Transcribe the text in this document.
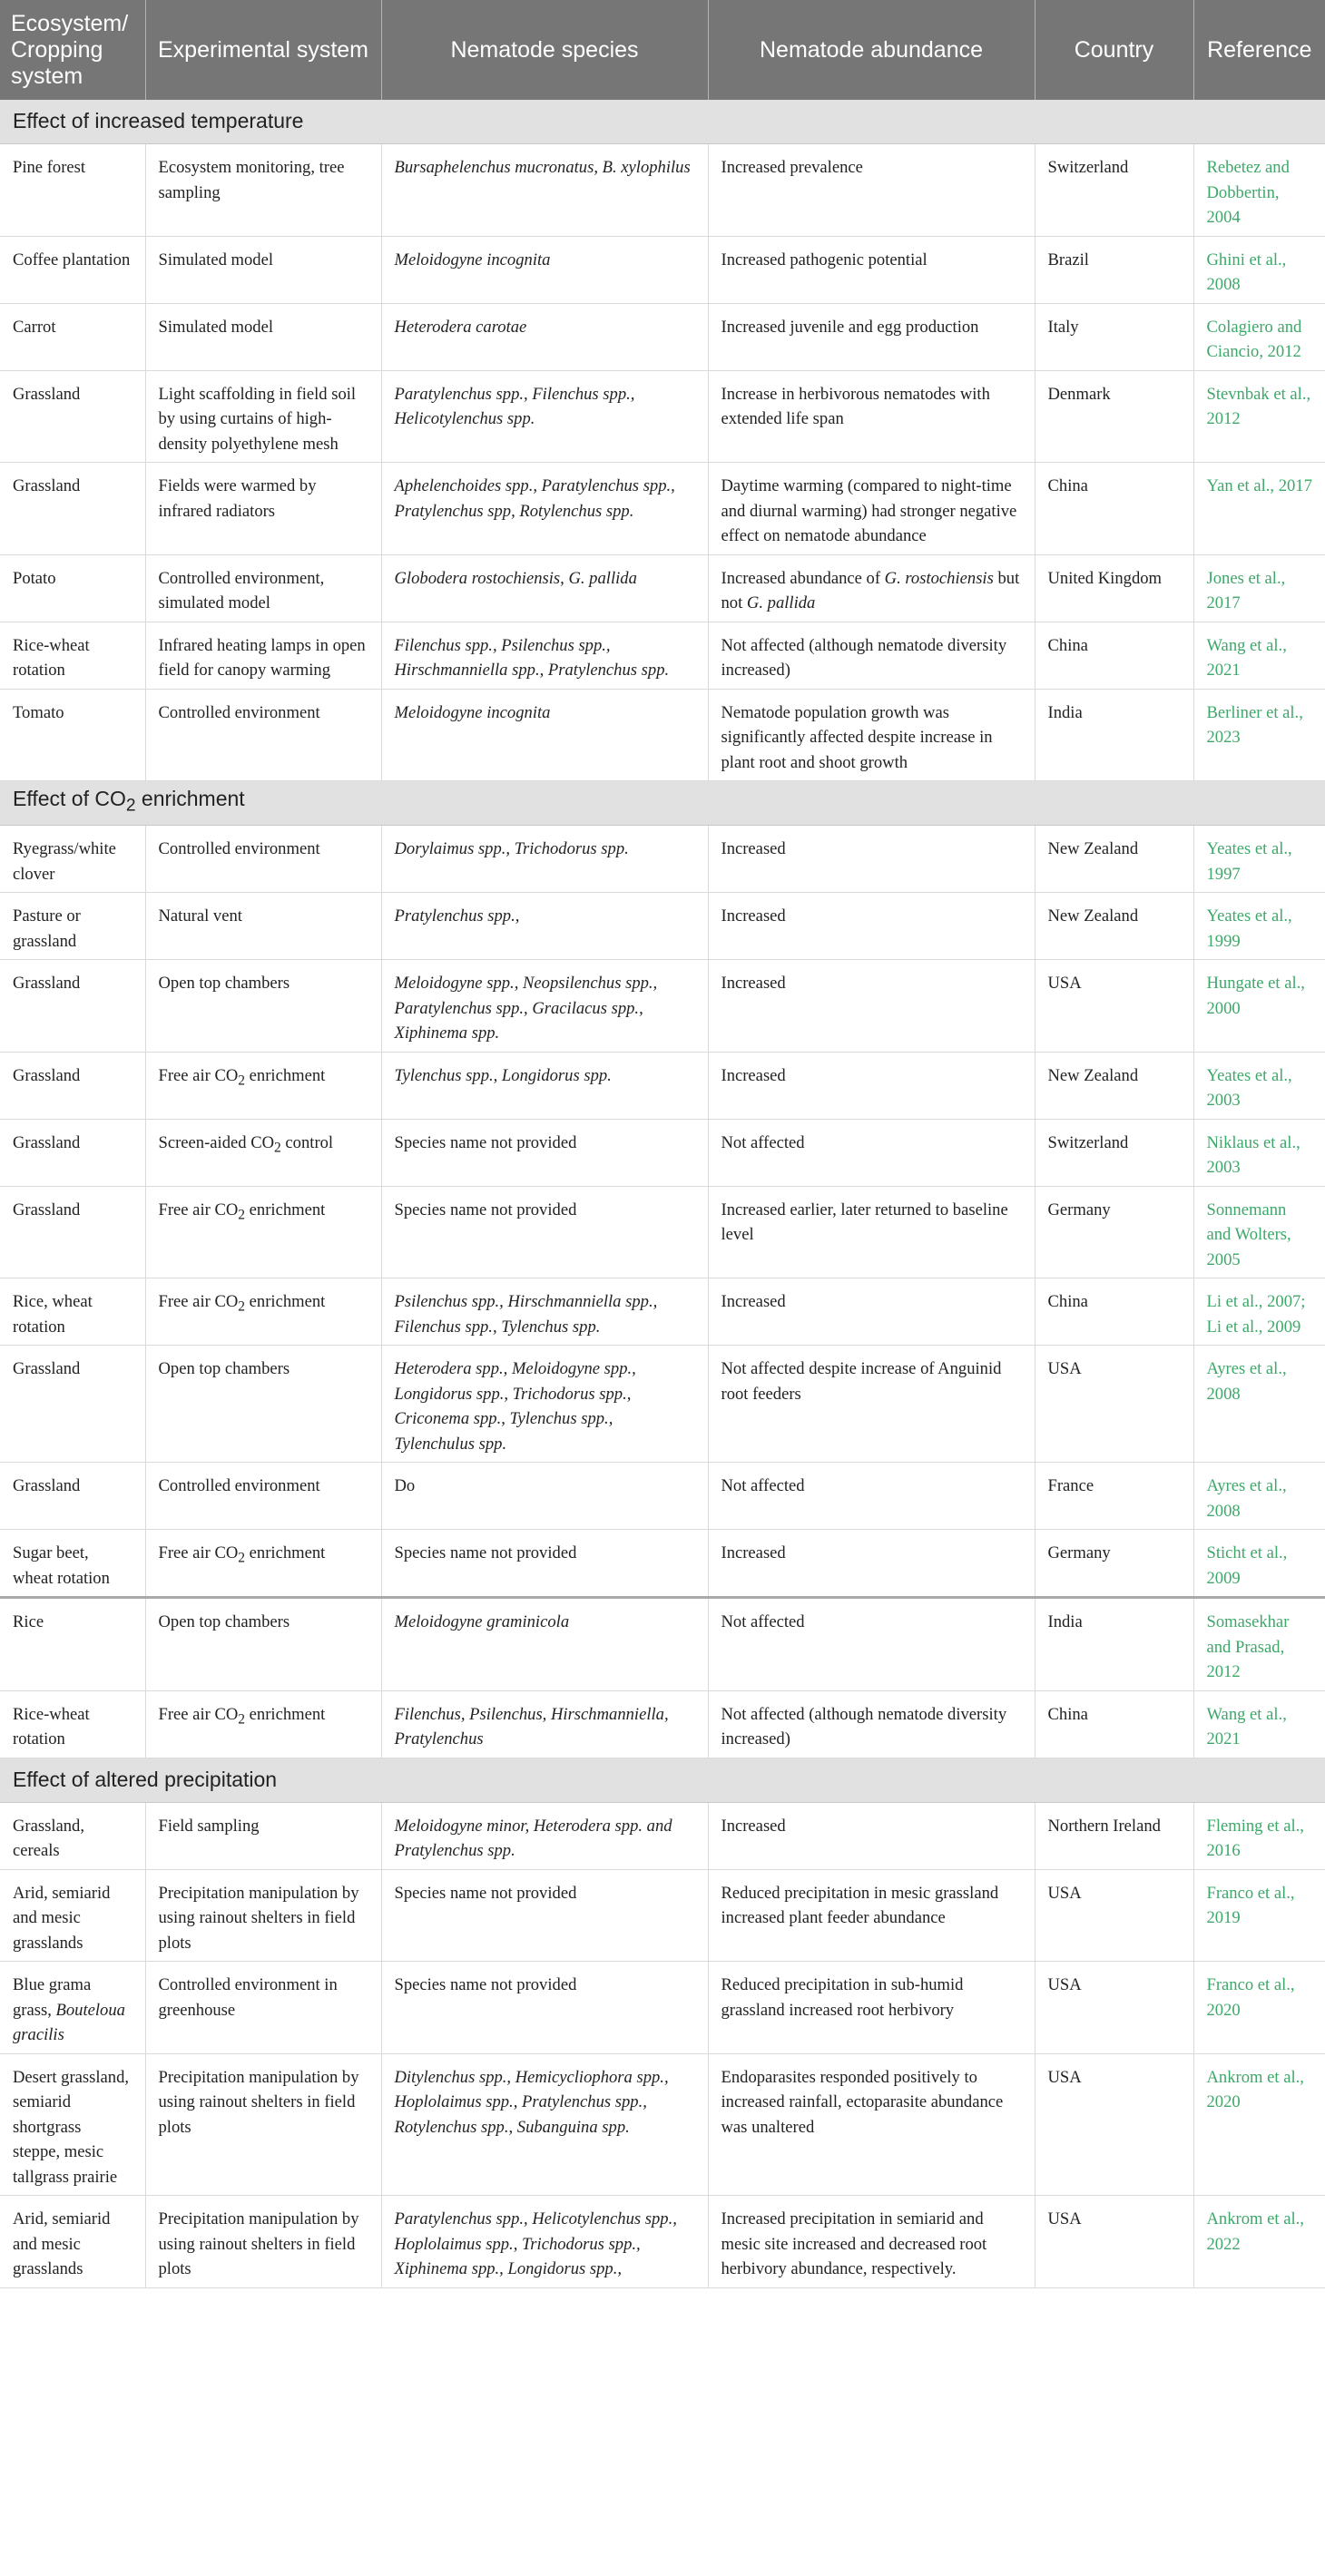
Ecosystem/ Cropping system	Experimental system	Nematode species	Nematode abundance	Country	Reference
Effect of increased temperature					
Pine forest	Ecosystem monitoring, tree sampling	Bursaphelenchus mucronatus, B. xylophilus	Increased prevalence	Switzerland	Rebetez and Dobbertin, 2004
Coffee plantation	Simulated model	Meloidogyne incognita	Increased pathogenic potential	Brazil	Ghini et al., 2008
Carrot	Simulated model	Heterodera carotae	Increased juvenile and egg production	Italy	Colagiero and Ciancio, 2012
Grassland	Light scaffolding in field soil by using curtains of high-density polyethylene mesh	Paratylenchus spp., Filenchus spp., Helicotylenchus spp.	Increase in herbivorous nematodes with extended life span	Denmark	Stevnbak et al., 2012
Grassland	Fields were warmed by infrared radiators	Aphelenchoides spp., Paratylenchus spp., Pratylenchus spp, Rotylenchus spp.	Daytime warming (compared to night-time and diurnal warming) had stronger negative effect on nematode abundance	China	Yan et al., 2017
Potato	Controlled environment, simulated model	Globodera rostochiensis, G. pallida	Increased abundance of G. rostochiensis but not G. pallida	United Kingdom	Jones et al., 2017
Rice-wheat rotation	Infrared heating lamps in open field for canopy warming	Filenchus spp., Psilenchus spp., Hirschmanniella spp., Pratylenchus spp.	Not affected (although nematode diversity increased)	China	Wang et al., 2021
Tomato	Controlled environment	Meloidogyne incognita	Nematode population growth was significantly affected despite increase in plant root and shoot growth	India	Berliner et al., 2023
Effect of $CO_2$ enrichment					
Ryegrass/white clover	Controlled environment	Dorylaimus spp., Trichodorus spp.	Increased	New Zealand	Yeates et al., 1997
Pasture or grassland	Natural vent	Pratylenchus spp.,	Increased	New Zealand	Yeates et al., 1999
Grassland	Open top chambers	Meloidogyne spp., Neopsilenchus spp., Paratylenchus spp., Gracilacus spp., Xiphinema spp.	Increased	USA	Hungate et al., 2000
Grassland	Free air $CO_2$ enrichment	Tylenchus spp., Longidorus spp.	Increased	New Zealand	Yeates et al., 2003
Grassland	Screen-aided $CO_2$ control	Species name not provided	Not affected	Switzerland	Niklaus et al., 2003
Grassland	Free air $CO_2$ enrichment	Species name not provided	Increased earlier, later returned to baseline level	Germany	Sonnemann and Wolters, 2005
Rice, wheat rotation	Free air $CO_2$ enrichment	Psilenchus spp., Hirschmanniella spp., Filenchus spp., Tylenchus spp.	Increased	China	Li et al., 2007; Li et al., 2009
Grassland	Open top chambers	Heterodera spp., Meloidogyne spp., Longidorus spp., Trichodorus spp., Criconema spp., Tylenchus spp., Tylenchulus spp.	Not affected despite increase of Anguinid root feeders	USA	Ayres et al., 2008
Grassland	Controlled environment	Do	Not affected	France	Ayres et al., 2008
Sugar beet, wheat rotation	Free air $CO_2$ enrichment	Species name not provided	Increased	Germany	Sticht et al., 2009
Rice	Open top chambers	Meloidogyne graminicola	Not affected	India	Somasekhar and Prasad, 2012
Rice-wheat rotation	Free air $CO_2$ enrichment	Filenchus, Psilenchus, Hirschmanniella, Pratylenchus	Not affected (although nematode diversity increased)	China	Wang et al., 2021
Effect of altered precipitation					
Grassland, cereals	Field sampling	Meloidogyne minor, Heterodera spp. and Pratylenchus spp.	Increased	Northern Ireland	Fleming et al., 2016
Arid, semiarid and mesic grasslands	Precipitation manipulation by using rainout shelters in field plots	Species name not provided	Reduced precipitation in mesic grassland increased plant feeder abundance	USA	Franco et al., 2019
Blue grama grass, Bouteloua gracilis	Controlled environment in greenhouse	Species name not provided	Reduced precipitation in sub-humid grassland increased root herbivory	USA	Franco et al., 2020
Desert grassland, semiarid shortgrass steppe, mesic tallgrass prairie	Precipitation manipulation by using rainout shelters in field plots	Ditylenchus spp., Hemicycliophora spp., Hoplolaimus spp., Pratylenchus spp., Rotylenchus spp., Subanguina spp.	Endoparasites responded positively to increased rainfall, ectoparasite abundance was unaltered	USA	Ankrom et al., 2020
Arid, semiarid and mesic grasslands	Precipitation manipulation by using rainout shelters in field plots	Paratylenchus spp., Helicotylenchus spp., Hoplolaimus spp., Trichodorus spp., Xiphinema spp., Longidorus spp.,	Increased precipitation in semiarid and mesic site increased and decreased root herbivory abundance, respectively.	USA	Ankrom et al., 2022
